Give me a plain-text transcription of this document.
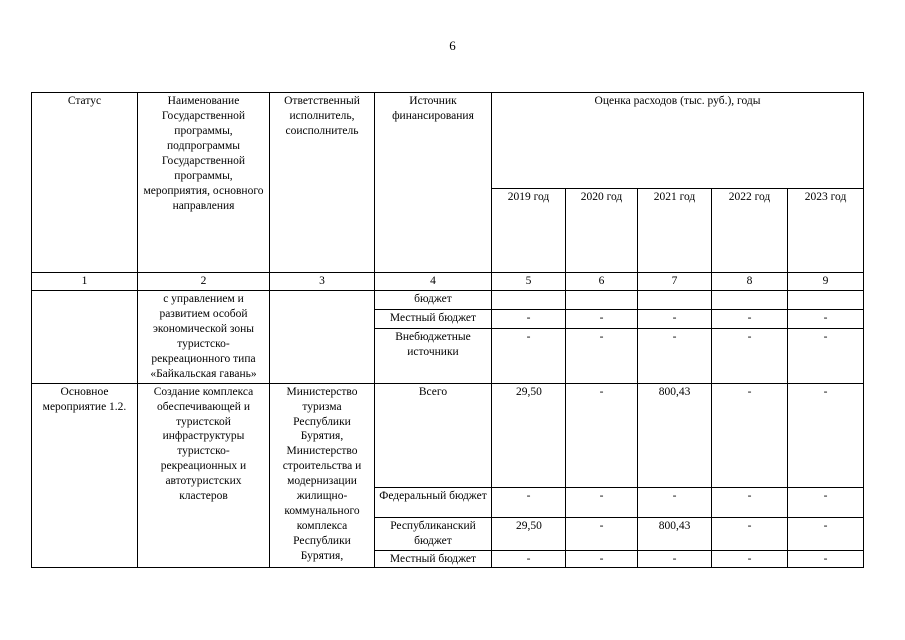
6
Статус	Наименование Государственной программы, подпрограммы Государственной программы, мероприятия, основного направления	Ответственный исполнитель, соисполнитель	Источник финансирования	Оценка расходов (тыс. руб.), годы				
				2019 год	2020 год	2021 год	2022 год	2023 год
1	2	3	4	5	6	7	8	9
	с управлением и развитием особой экономической зоны туристско-рекреационного типа «Байкальская гавань»		бюджет					
			Местный бюджет	-	-	-	-	-
			Внебюджетные источники	-	-	-	-	-
Основное мероприятие 1.2.	Создание комплекса обеспечивающей и туристской инфраструктуры туристско-рекреационных и автотуристских кластеров	Министерство туризма Республики Бурятия, Министерство строительства и модернизации жилищно-коммунального комплекса Республики Бурятия,	Всего	29,50	-	800,43	-	-
			Федеральный бюджет	-	-	-	-	-
			Республиканский бюджет	29,50	-	800,43	-	-
			Местный бюджет	-	-	-	-	-
